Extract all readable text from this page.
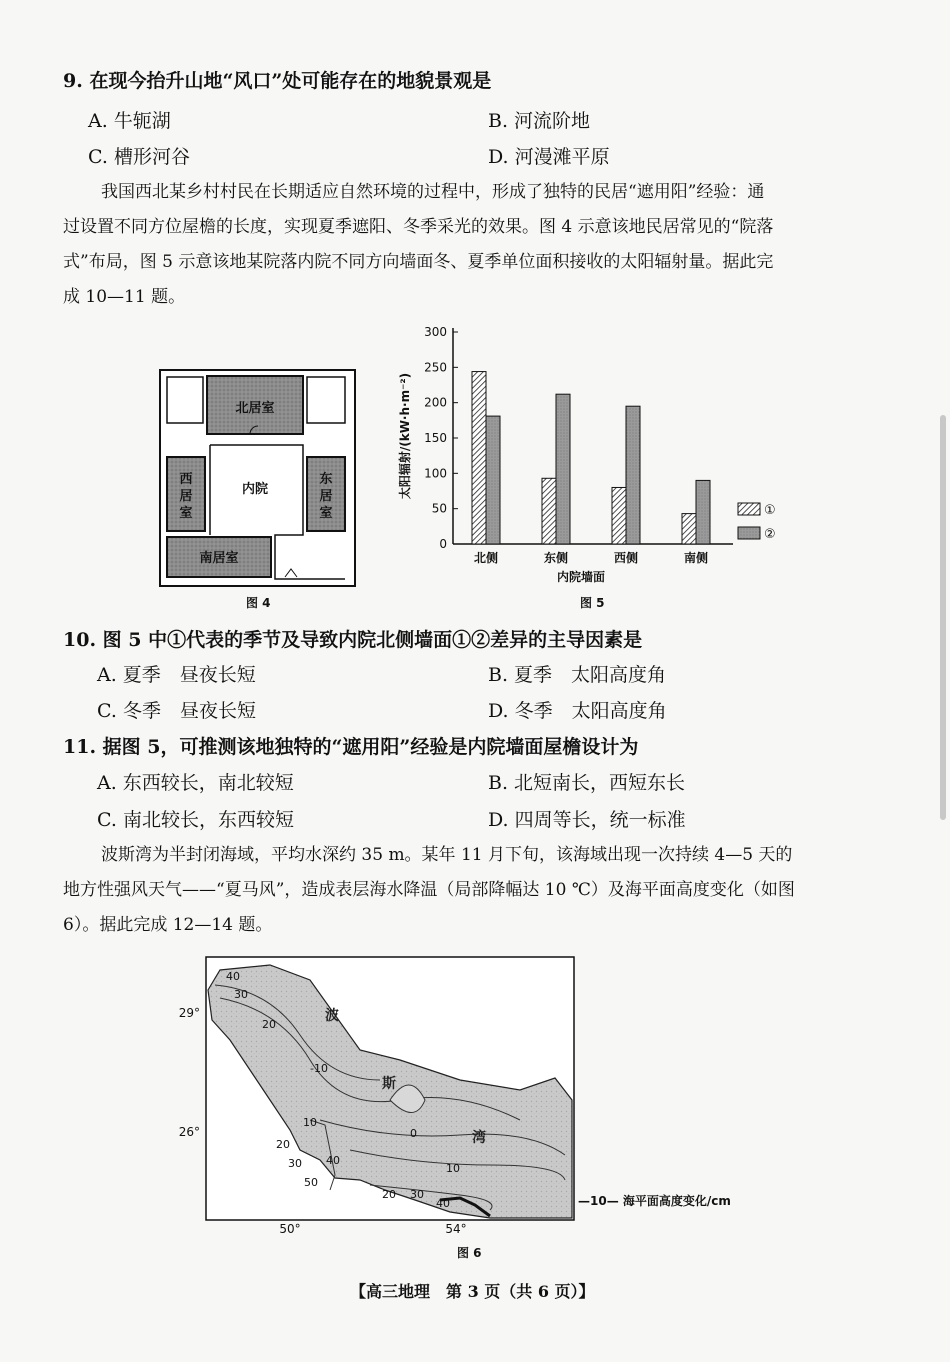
9. 在现今抬升山地“风口”处可能存在的地貌景观是
A. 牛轭湖	B. 河流阶地
C. 槽形河谷	D. 河漫滩平原
我国西北某乡村村民在长期适应自然环境的过程中，形成了独特的民居“遮用阳”经验：通
过设置不同方位屋檐的长度，实现夏季遮阳、冬季采光的效果。图 4 示意该地民居常见的“院落
式”布局，图 5 示意该地某院落内院不同方向墙面冬、夏季单位面积接收的太阳辐射量。据此完
成 10—11 题。
北居室
内院
西
居
室
东
居
室
南居室
图 4
0
50
100
150
200
250
300
北侧	东侧	西侧	南侧
太阳辐射/(kW·h·m⁻²)
内院墙面
①
②
图 5
10. 图 5 中①代表的季节及导致内院北侧墙面①②差异的主导因素是
A. 夏季　昼夜长短	B. 夏季　太阳高度角
C. 冬季　昼夜长短	D. 冬季　太阳高度角
11. 据图 5，可推测该地独特的“遮用阳”经验是内院墙面屋檐设计为
A. 东西较长，南北较短	B. 北短南长，西短东长
C. 南北较长，东西较短	D. 四周等长，统一标准
波斯湾为半封闭海域，平均水深约 35 m。某年 11 月下旬，该海域出现一次持续 4—5 天的
地方性强风天气——“夏马风”，造成表层海水降温（局部降幅达 10 ℃）及海平面高度变化（如图
6）。据此完成 12—14 题。
29°
26°
50°	54°
波
斯
湾
40
30
20
-10
10
0
20
30 40
50
10
20 30
40	—10— 海平面高度变化/cm
图 6
【高三地理　第 3 页（共 6 页）】
